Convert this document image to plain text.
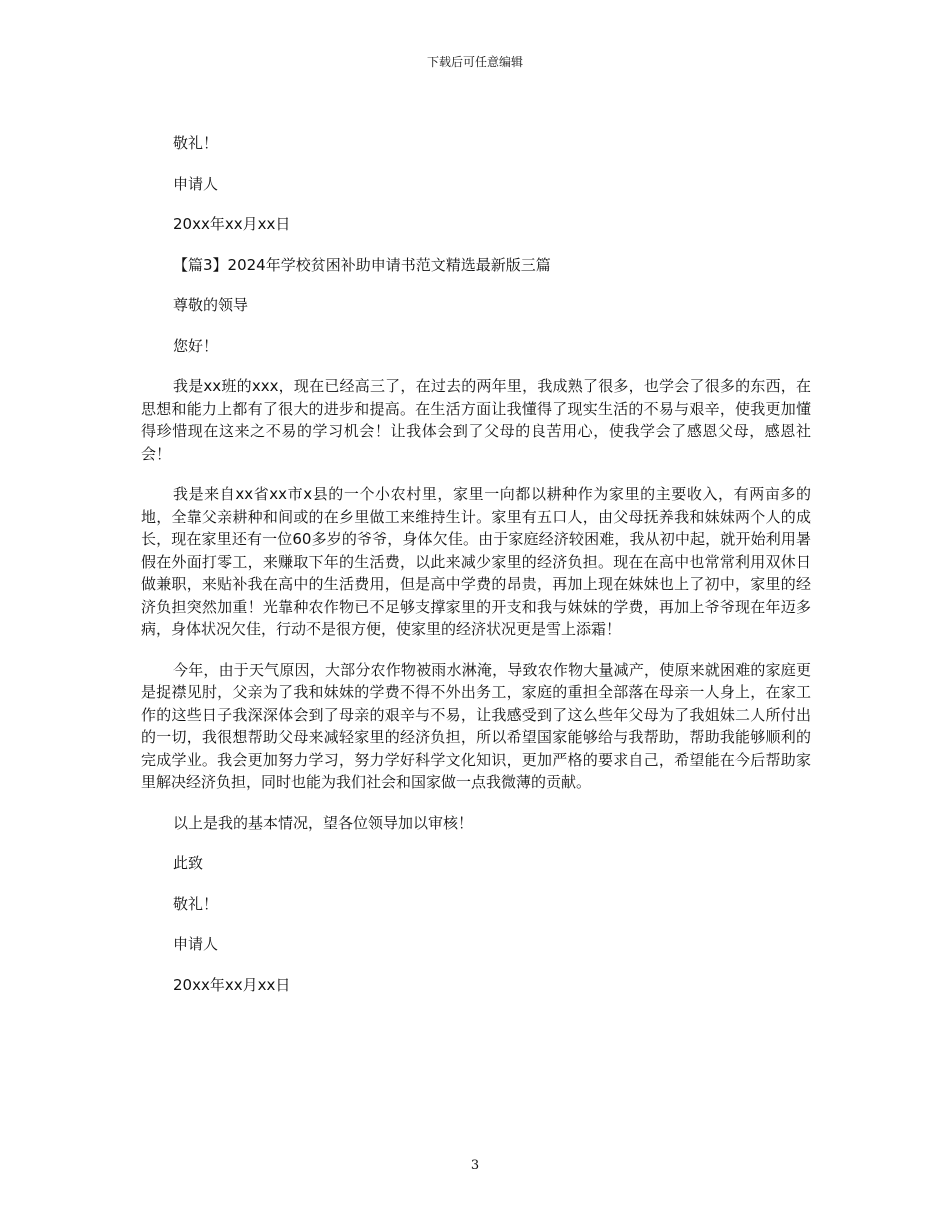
下载后可任意编辑
敬礼！
申请人
20xx年xx月xx日
【篇3】2024年学校贫困补助申请书范文精选最新版三篇
尊敬的领导
您好！

我是xx班的xxx，现在已经高三了，在过去的两年里，我成熟了很多，也学会了很多的东西，在思想和能力上都有了很大的进步和提高。在生活方面让我懂得了现实生活的不易与艰辛，使我更加懂得珍惜现在这来之不易的学习机会！让我体会到了父母的良苦用心，使我学会了感恩父母，感恩社会！

我是来自xx省xx市x县的一个小农村里，家里一向都以耕种作为家里的主要收入，有两亩多的地，全靠父亲耕种和间或的在乡里做工来维持生计。家里有五口人，由父母抚养我和妹妹两个人的成长，现在家里还有一位60多岁的爷爷，身体欠佳。由于家庭经济较困难，我从初中起，就开始利用暑假在外面打零工，来赚取下年的生活费，以此来减少家里的经济负担。现在在高中也常常利用双休日做兼职，来贴补我在高中的生活费用，但是高中学费的昂贵，再加上现在妹妹也上了初中，家里的经济负担突然加重！光靠种农作物已不足够支撑家里的开支和我与妹妹的学费，再加上爷爷现在年迈多病，身体状况欠佳，行动不是很方便，使家里的经济状况更是雪上添霜！

今年，由于天气原因，大部分农作物被雨水淋淹，导致农作物大量减产，使原来就困难的家庭更是捉襟见肘，父亲为了我和妹妹的学费不得不外出务工，家庭的重担全部落在母亲一人身上，在家工作的这些日子我深深体会到了母亲的艰辛与不易，让我感受到了这么些年父母为了我姐妹二人所付出的一切，我很想帮助父母来减轻家里的经济负担，所以希望国家能够给与我帮助，帮助我能够顺利的完成学业。我会更加努力学习，努力学好科学文化知识，更加严格的要求自己，希望能在今后帮助家里解决经济负担，同时也能为我们社会和国家做一点我微薄的贡献。

以上是我的基本情况，望各位领导加以审核！
此致
敬礼！
申请人
20xx年xx月xx日
3
